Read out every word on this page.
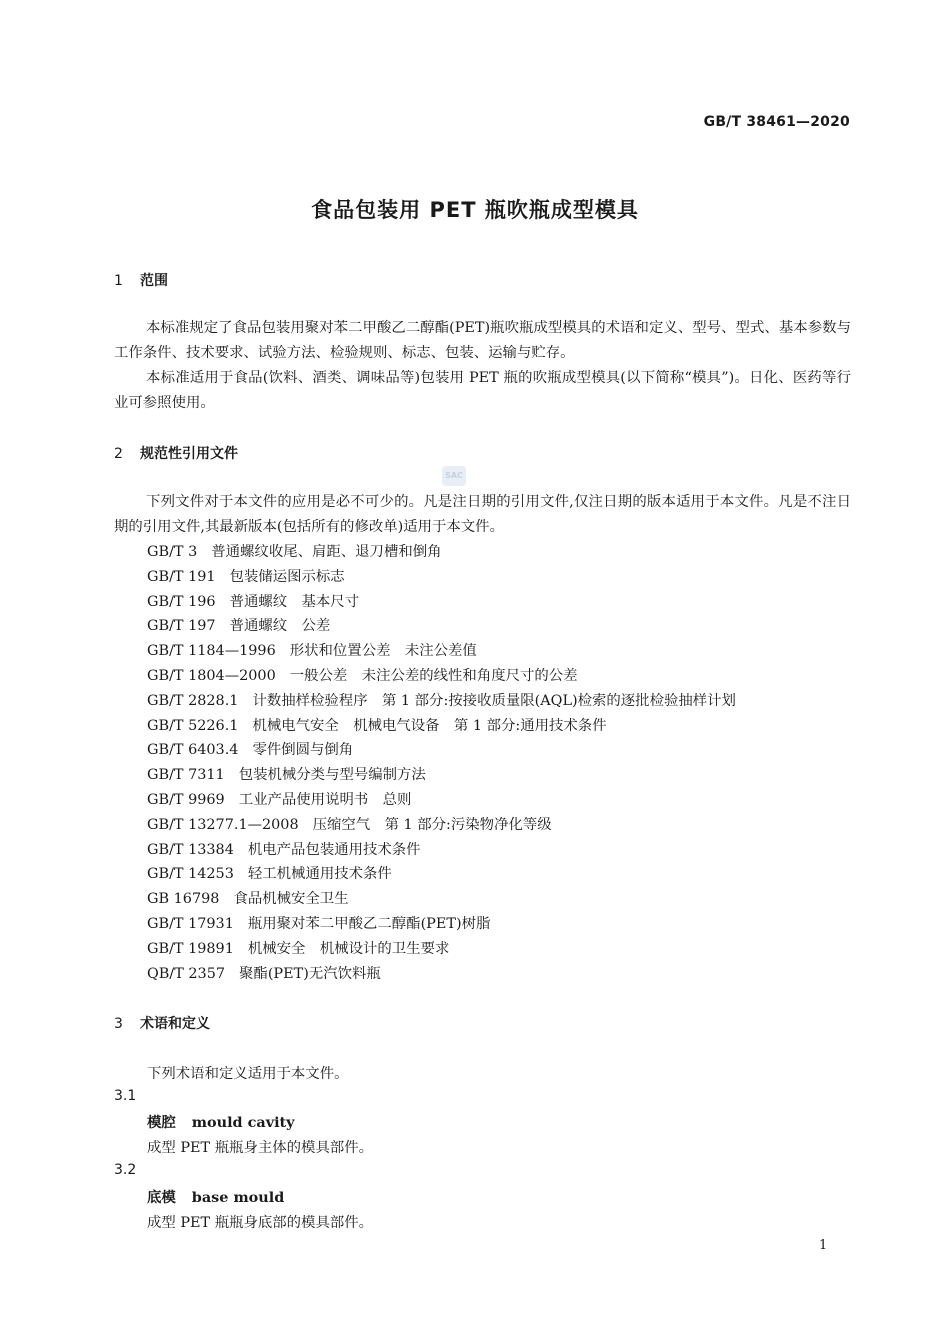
GB/T 38461—2020
食品包装用 PET 瓶吹瓶成型模具
1 范围

本标准规定了食品包装用聚对苯二甲酸乙二醇酯(PET)瓶吹瓶成型模具的术语和定义、型号、型式、基本参数与工作条件、技术要求、试验方法、检验规则、标志、包装、运输与贮存。

本标准适用于食品(饮料、酒类、调味品等)包装用 PET 瓶的吹瓶成型模具(以下简称“模具”)。日化、医药等行业可参照使用。

2 规范性引用文件
SAC

下列文件对于本文件的应用是必不可少的。凡是注日期的引用文件,仅注日期的版本适用于本文件。凡是不注日期的引用文件,其最新版本(包括所有的修改单)适用于本文件。

GB/T 3 普通螺纹收尾、肩距、退刀槽和倒角
GB/T 191 包装储运图示标志
GB/T 196 普通螺纹　基本尺寸
GB/T 197 普通螺纹　公差
GB/T 1184—1996 形状和位置公差　未注公差值
GB/T 1804—2000 一般公差　未注公差的线性和角度尺寸的公差
GB/T 2828.1 计数抽样检验程序　第 1 部分:按接收质量限(AQL)检索的逐批检验抽样计划
GB/T 5226.1 机械电气安全　机械电气设备　第 1 部分:通用技术条件
GB/T 6403.4 零件倒圆与倒角
GB/T 7311 包装机械分类与型号编制方法
GB/T 9969 工业产品使用说明书　总则
GB/T 13277.1—2008 压缩空气　第 1 部分:污染物净化等级
GB/T 13384 机电产品包装通用技术条件
GB/T 14253 轻工机械通用技术条件
GB 16798 食品机械安全卫生
GB/T 17931 瓶用聚对苯二甲酸乙二醇酯(PET)树脂
GB/T 19891 机械安全　机械设计的卫生要求
QB/T 2357 聚酯(PET)无汽饮料瓶
3 术语和定义
下列术语和定义适用于本文件。
3.1
模腔 mould cavity
成型 PET 瓶瓶身主体的模具部件。
3.2
底模 base mould
成型 PET 瓶瓶身底部的模具部件。
1
